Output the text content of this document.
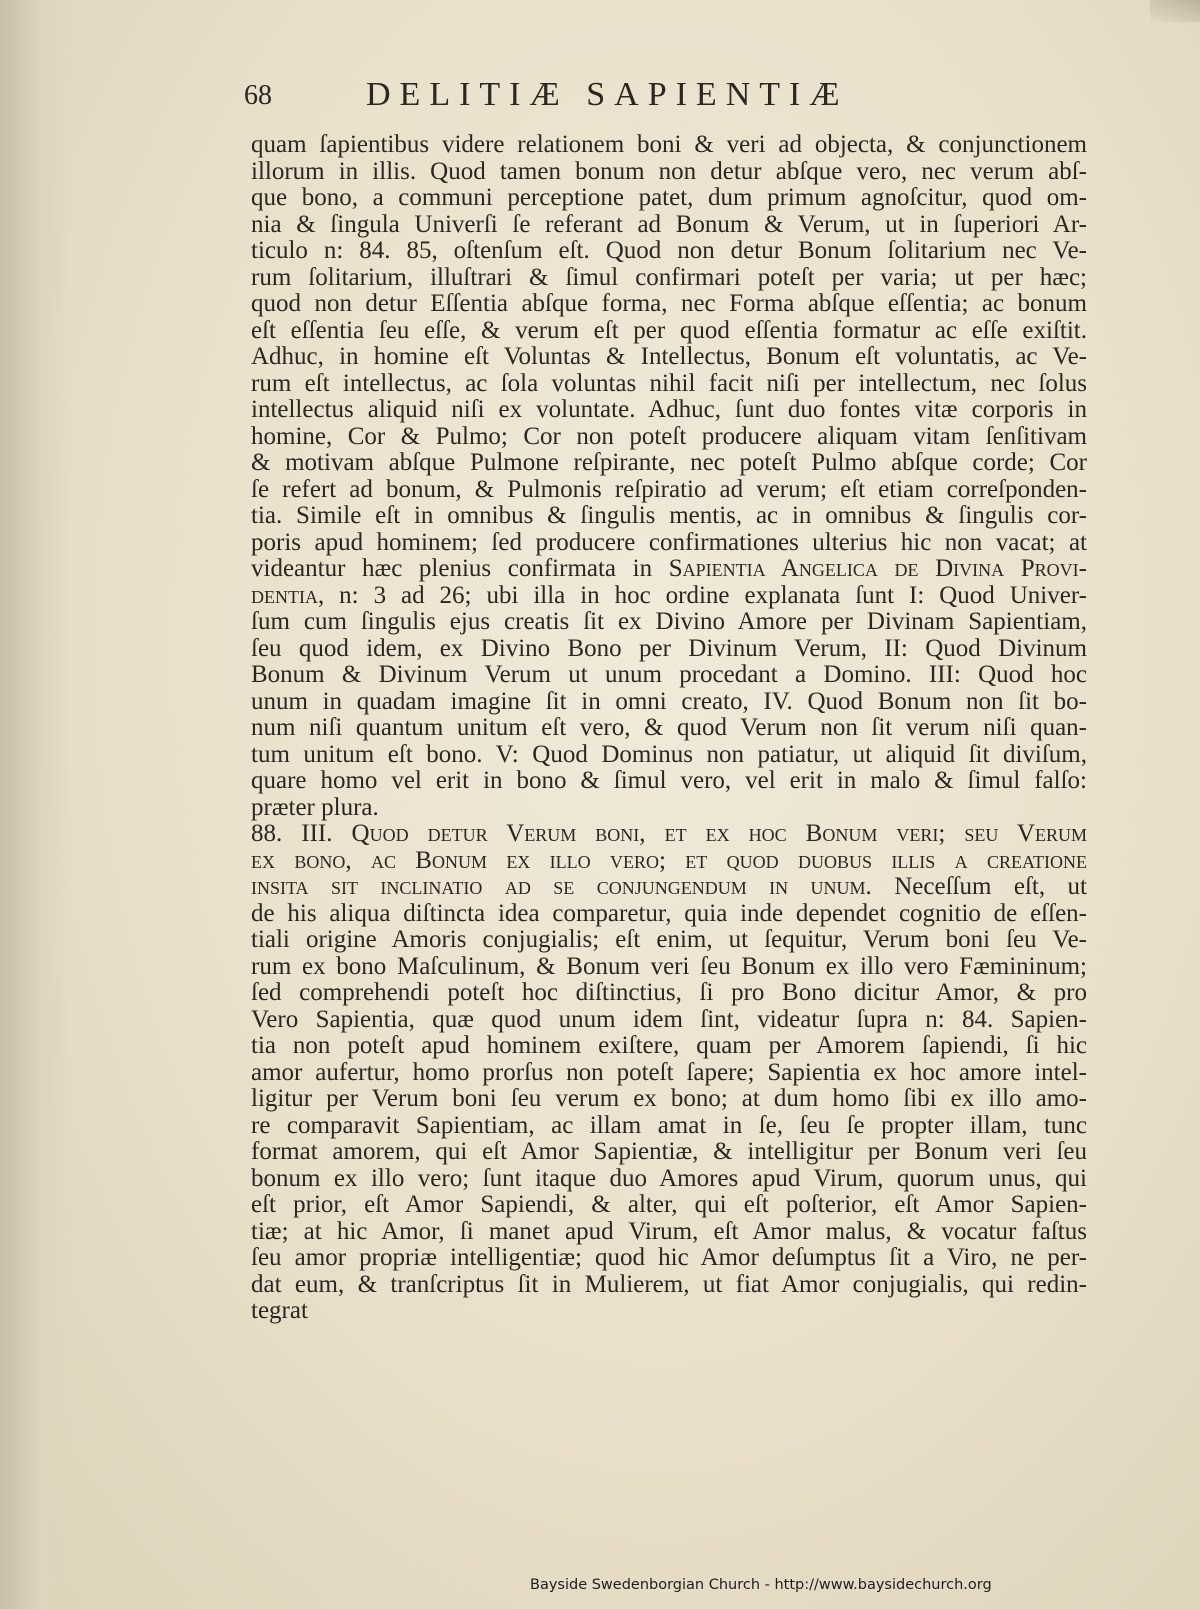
68	DELITIÆ SAPIENTIÆ
quam ſapientibus videre relationem boni & veri ad objecta, & conjunctionem
illorum in illis. Quod tamen bonum non detur abſque vero, nec verum abſ-
que bono, a communi perceptione patet, dum primum agnoſcitur, quod om-
nia & ſingula Univerſi ſe referant ad Bonum & Verum, ut in ſuperiori Ar-
ticulo n: 84. 85, oſtenſum eſt. Quod non detur Bonum ſolitarium nec Ve-
rum ſolitarium, illuſtrari & ſimul confirmari poteſt per varia; ut per hæc;
quod non detur Eſſentia abſque forma, nec Forma abſque eſſentia; ac bonum
eſt eſſentia ſeu eſſe, & verum eſt per quod eſſentia formatur ac eſſe exiſtit.
Adhuc, in homine eſt Voluntas & Intellectus, Bonum eſt voluntatis, ac Ve-
rum eſt intellectus, ac ſola voluntas nihil facit niſi per intellectum, nec ſolus
intellectus aliquid niſi ex voluntate. Adhuc, ſunt duo fontes vitæ corporis in
homine, Cor & Pulmo; Cor non poteſt producere aliquam vitam ſenſitivam
& motivam abſque Pulmone reſpirante, nec poteſt Pulmo abſque corde; Cor
ſe refert ad bonum, & Pulmonis reſpiratio ad verum; eſt etiam correſponden-
tia. Simile eſt in omnibus & ſingulis mentis, ac in omnibus & ſingulis cor-
poris apud hominem; ſed producere confirmationes ulterius hic non vacat; at
videantur hæc plenius confirmata in Sapientia Angelica de Divina Provi-
dentia, n: 3 ad 26; ubi illa in hoc ordine explanata ſunt I: Quod Univer-
ſum cum ſingulis ejus creatis ſit ex Divino Amore per Divinam Sapientiam,
ſeu quod idem, ex Divino Bono per Divinum Verum, II: Quod Divinum
Bonum & Divinum Verum ut unum procedant a Domino. III: Quod hoc
unum in quadam imagine ſit in omni creato, IV. Quod Bonum non ſit bo-
num niſi quantum unitum eſt vero, & quod Verum non ſit verum niſi quan-
tum unitum eſt bono. V: Quod Dominus non patiatur, ut aliquid ſit diviſum,
quare homo vel erit in bono & ſimul vero, vel erit in malo & ſimul falſo:
præter plura.
88. III. Quod detur Verum boni, et ex hoc Bonum veri; seu Verum
ex bono, ac Bonum ex illo vero; et quod duobus illis a creatione
insita sit inclinatio ad se conjungendum in unum. Neceſſum eſt, ut
de his aliqua diſtincta idea comparetur, quia inde dependet cognitio de eſſen-
tiali origine Amoris conjugialis; eſt enim, ut ſequitur, Verum boni ſeu Ve-
rum ex bono Maſculinum, & Bonum veri ſeu Bonum ex illo vero Fæmininum;
ſed comprehendi poteſt hoc diſtinctius, ſi pro Bono dicitur Amor, & pro
Vero Sapientia, quæ quod unum idem ſint, videatur ſupra n: 84. Sapien-
tia non poteſt apud hominem exiſtere, quam per Amorem ſapiendi, ſi hic
amor aufertur, homo prorſus non poteſt ſapere; Sapientia ex hoc amore intel-
ligitur per Verum boni ſeu verum ex bono; at dum homo ſibi ex illo amo-
re comparavit Sapientiam, ac illam amat in ſe, ſeu ſe propter illam, tunc
format amorem, qui eſt Amor Sapientiæ, & intelligitur per Bonum veri ſeu
bonum ex illo vero; ſunt itaque duo Amores apud Virum, quorum unus, qui
eſt prior, eſt Amor Sapiendi, & alter, qui eſt poſterior, eſt Amor Sapien-
tiæ; at hic Amor, ſi manet apud Virum, eſt Amor malus, & vocatur faſtus
ſeu amor propriæ intelligentiæ; quod hic Amor deſumptus ſit a Viro, ne per-
dat eum, & tranſcriptus ſit in Mulierem, ut fiat Amor conjugialis, qui redin-
tegrat
Bayside Swedenborgian Church - http://www.baysidechurch.org
